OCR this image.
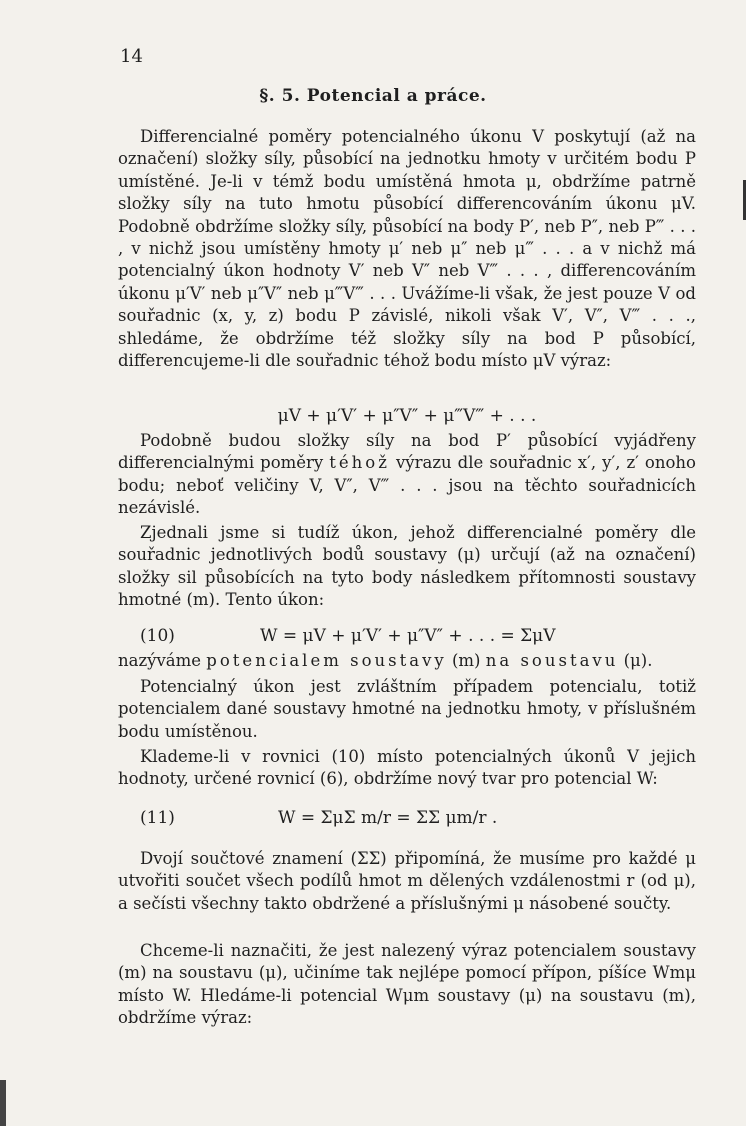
14
§. 5. Potencial a práce.
Differencialné poměry potencialného úkonu V poskytují (až na označení) složky síly, působící na jednotku hmoty v určitém bodu P umístěné. Je-li v témž bodu umístěná hmota μ, obdržíme patrně složky síly na tuto hmotu působící differencováním úkonu μV. Podobně obdržíme složky síly, působící na body P′, neb P″, neb P‴ . . . , v nichž jsou umístěny hmoty μ′ neb μ″ neb μ‴ . . . a v nichž má potencialný úkon hodnoty V′ neb V″ neb V‴ . . . , differencováním úkonu μ′V′ neb μ″V″ neb μ‴V‴ . . . Uvážíme-li však, že jest pouze V od souřadnic (x, y, z) bodu P závislé, nikoli však V′, V″, V‴ . . ., shledáme, že obdržíme též složky síly na bod P působící, differencujeme-li dle souřadnic téhož bodu místo μV výraz:
μV + μ′V′ + μ″V″ + μ‴V‴ + . . .
Podobně budou složky síly na bod P′ působící vyjádřeny differencialnými poměry téhož výrazu dle souřadnic x′, y′, z′ onoho bodu; neboť veličiny V, V″, V‴ . . . jsou na těchto souřadnicích nezávislé.
Zjednali jsme si tudíž úkon, jehož differencialné poměry dle souřadnic jednotlivých bodů soustavy (μ) určují (až na označení) složky sil působících na tyto body následkem přítomnosti soustavy hmotné (m). Tento úkon:
(10)	W = μV + μ′V′ + μ″V″ + . . . = ΣμV
nazýváme potencialem soustavy (m) na soustavu (μ).
Potencialný úkon jest zvláštním případem potencialu, totiž potencialem dané soustavy hmotné na jednotku hmoty, v příslušném bodu umístěnou.
Klademe-li v rovnici (10) místo potencialných úkonů V jejich hodnoty, určené rovnicí (6), obdržíme nový tvar pro potencial W:
(11)	W = ΣμΣ m/r = ΣΣ μm/r .
Dvojí součtové znamení (ΣΣ) připomíná, že musíme pro každé μ utvořiti součet všech podílů hmot m dělených vzdálenostmi r (od μ), a sečísti všechny takto obdržené a příslušnými μ násobené součty.
Chceme-li naznačiti, že jest nalezený výraz potencialem soustavy (m) na soustavu (μ), učiníme tak nejlépe pomocí přípon, píšíce Wmμ místo W. Hledáme-li potencial Wμm soustavy (μ) na soustavu (m), obdržíme výraz:
